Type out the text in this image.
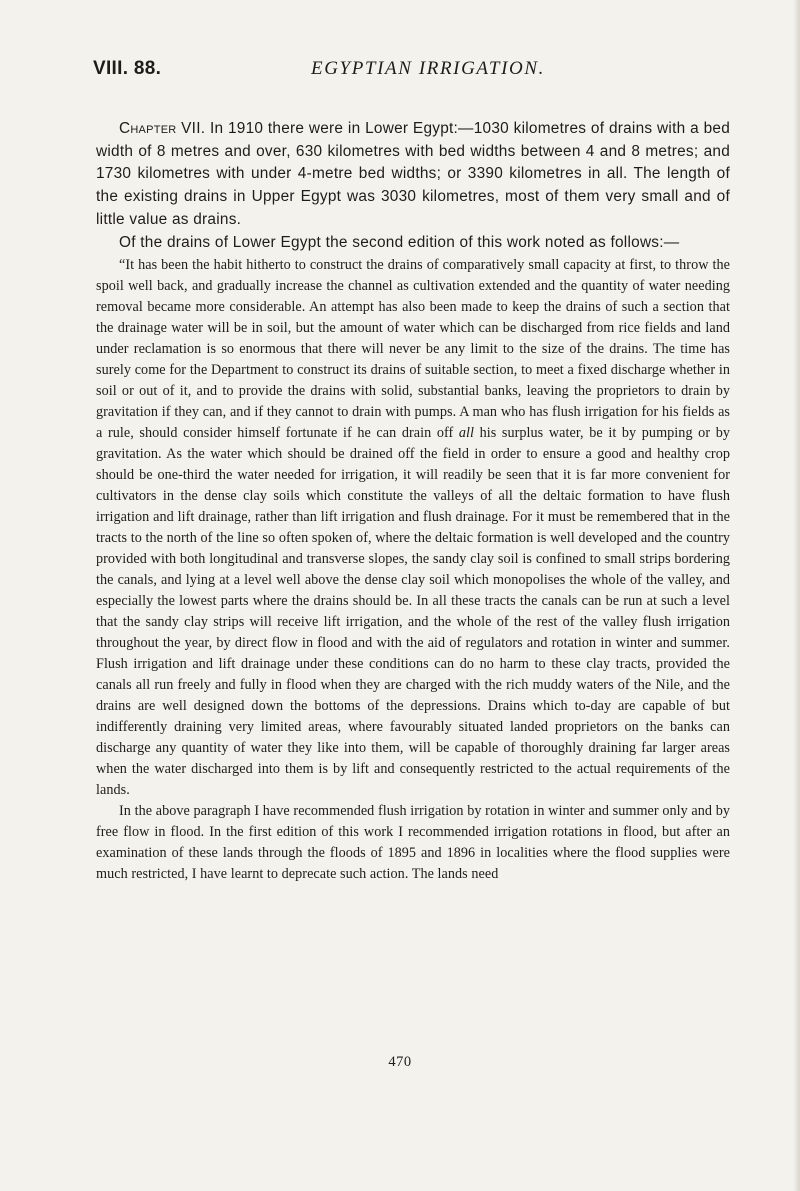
VIII. 88.	EGYPTIAN IRRIGATION.

Chapter VII. In 1910 there were in Lower Egypt:—1030 kilometres of drains with a bed width of 8 metres and over, 630 kilometres with bed widths between 4 and 8 metres; and 1730 kilometres with under 4-metre bed widths; or 3390 kilometres in all. The length of the existing drains in Upper Egypt was 3030 kilometres, most of them very small and of little value as drains.

Of the drains of Lower Egypt the second edition of this work noted as follows:—

“It has been the habit hitherto to construct the drains of comparatively small capacity at first, to throw the spoil well back, and gradually increase the channel as cultivation extended and the quantity of water needing removal became more considerable. An attempt has also been made to keep the drains of such a section that the drainage water will be in soil, but the amount of water which can be discharged from rice fields and land under reclamation is so enormous that there will never be any limit to the size of the drains. The time has surely come for the Department to construct its drains of suitable section, to meet a fixed discharge whether in soil or out of it, and to provide the drains with solid, substantial banks, leaving the proprietors to drain by gravitation if they can, and if they cannot to drain with pumps. A man who has flush irrigation for his fields as a rule, should consider himself fortunate if he can drain off all his surplus water, be it by pumping or by gravitation. As the water which should be drained off the field in order to ensure a good and healthy crop should be one-third the water needed for irrigation, it will readily be seen that it is far more convenient for cultivators in the dense clay soils which constitute the valleys of all the deltaic formation to have flush irrigation and lift drainage, rather than lift irrigation and flush drainage. For it must be remembered that in the tracts to the north of the line so often spoken of, where the deltaic formation is well developed and the country provided with both longitudinal and transverse slopes, the sandy clay soil is confined to small strips bordering the canals, and lying at a level well above the dense clay soil which monopolises the whole of the valley, and especially the lowest parts where the drains should be. In all these tracts the canals can be run at such a level that the sandy clay strips will receive lift irrigation, and the whole of the rest of the valley flush irrigation throughout the year, by direct flow in flood and with the aid of regulators and rotation in winter and summer. Flush irrigation and lift drainage under these conditions can do no harm to these clay tracts, provided the canals all run freely and fully in flood when they are charged with the rich muddy waters of the Nile, and the drains are well designed down the bottoms of the depressions. Drains which to-day are capable of but indifferently draining very limited areas, where favourably situated landed proprietors on the banks can discharge any quantity of water they like into them, will be capable of thoroughly draining far larger areas when the water discharged into them is by lift and consequently restricted to the actual requirements of the lands.

In the above paragraph I have recommended flush irrigation by rotation in winter and summer only and by free flow in flood. In the first edition of this work I recommended irrigation rotations in flood, but after an examination of these lands through the floods of 1895 and 1896 in localities where the flood supplies were much restricted, I have learnt to deprecate such action. The lands need

470
